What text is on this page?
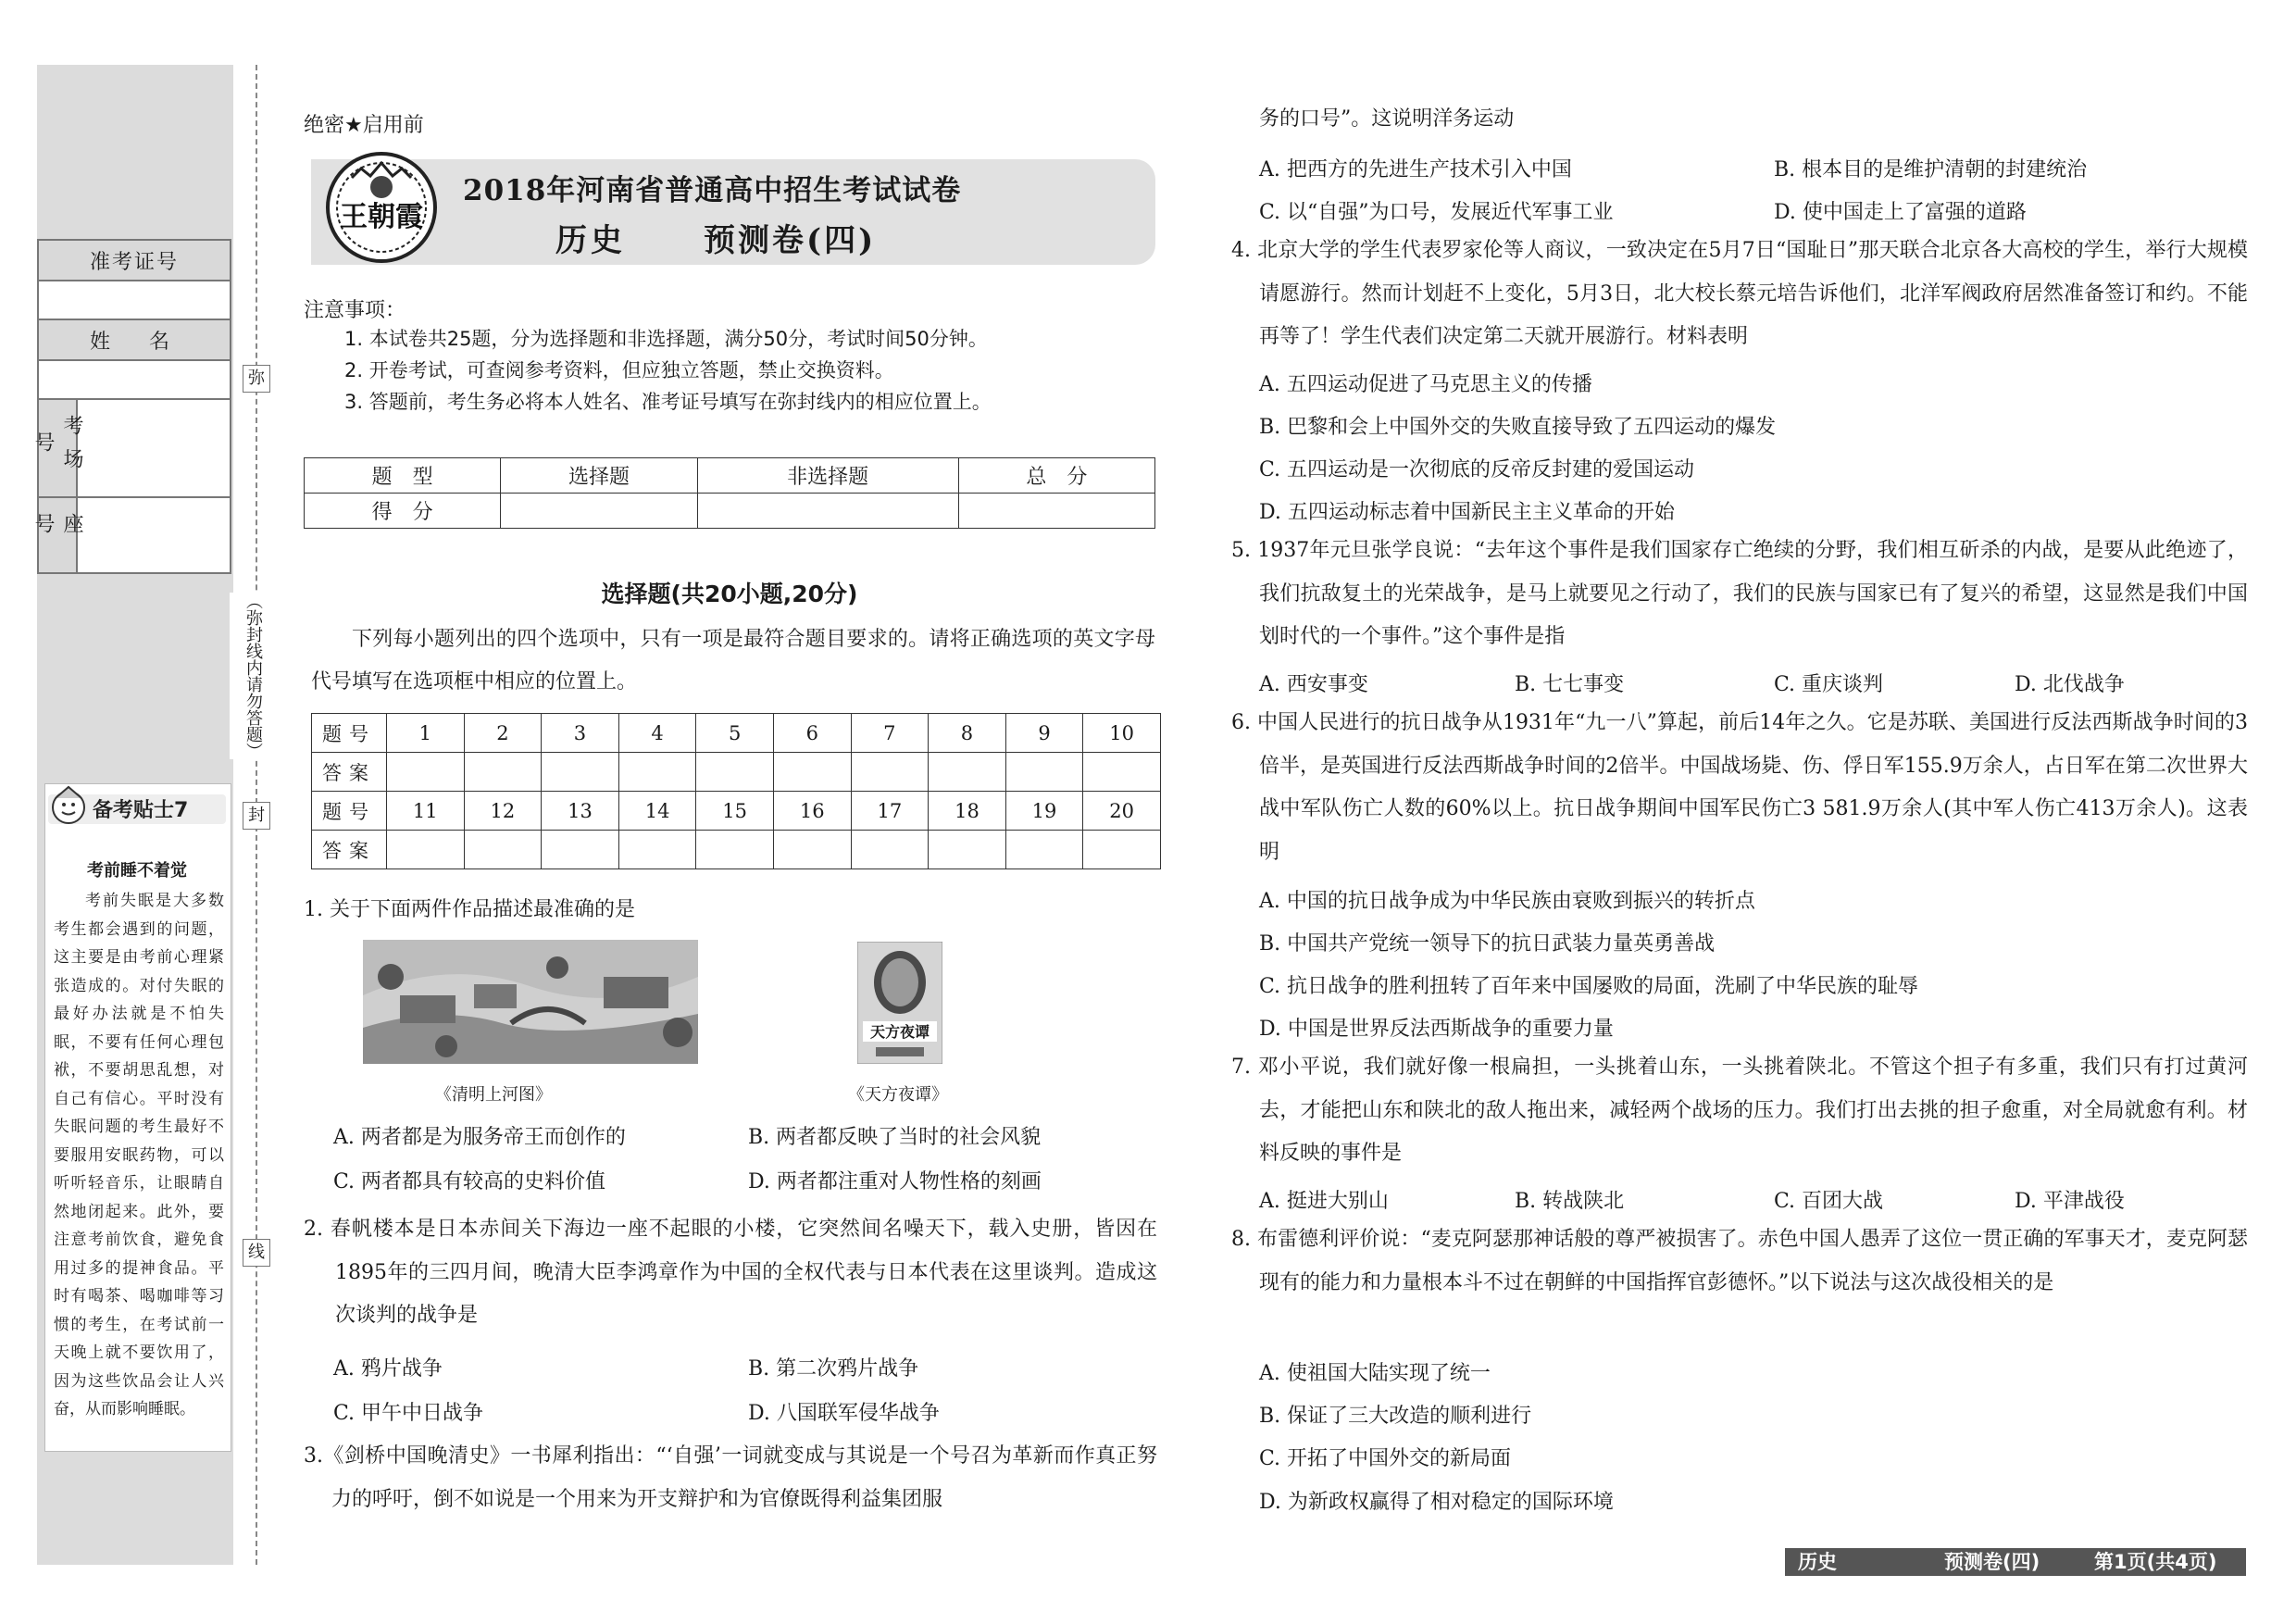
准考证号

姓　名

考场号

座号
弥
（弥封线内请勿答题）
封
线
备考贴士7
考前睡不着觉
考前失眠是大多数考生都会遇到的问题，这主要是由考前心理紧张造成的。对付失眠的最好办法就是不怕失眠，不要有任何心理包袱，不要胡思乱想，对自己有信心。平时没有失眠问题的考生最好不要服用安眠药物，可以听听轻音乐，让眼睛自然地闭起来。此外，要注意考前饮食，避免食用过多的提神食品。平时有喝茶、喝咖啡等习惯的考生，在考试前一天晚上就不要饮用了，因为这些饮品会让人兴奋，从而影响睡眠。
绝密★启用前
王朝霞
2018年河南省普通高中招生考试试卷
历史 预测卷(四)
注意事项：
1. 本试卷共25题，分为选择题和非选择题，满分50分，考试时间50分钟。
2. 开卷考试，可查阅参考资料，但应独立答题，禁止交换资料。
3. 答题前，考生务必将本人姓名、准考证号填写在弥封线内的相应位置上。
题　型	选择题	非选择题	总　分
得　分			
选择题(共20小题,20分)
下列每小题列出的四个选项中，只有一项是最符合题目要求的。请将正确选项的英文字母代号填写在选项框中相应的位置上。
题号	1	2	3	4	5	6	7	8	9	10
答案										
题号	11	12	13	14	15	16	17	18	19	20
答案										
1. 关于下面两件作品描述最准确的是
《清明上河图》
天方夜谭
《天方夜谭》
A. 两者都是为服务帝王而创作的	B. 两者都反映了当时的社会风貌
C. 两者都具有较高的史料价值	D. 两者都注重对人物性格的刻画
2. 春帆楼本是日本赤间关下海边一座不起眼的小楼，它突然间名噪天下，载入史册，皆因在1895年的三四月间，晚清大臣李鸿章作为中国的全权代表与日本代表在这里谈判。造成这次谈判的战争是
A. 鸦片战争	B. 第二次鸦片战争
C. 甲午中日战争	D. 八国联军侵华战争
3.《剑桥中国晚清史》一书犀利指出：“‘自强’一词就变成与其说是一个号召为革新而作真正努力的呼吁，倒不如说是一个用来为开支辩护和为官僚既得利益集团服
务的口号”。这说明洋务运动
A. 把西方的先进生产技术引入中国	B. 根本目的是维护清朝的封建统治
C. 以“自强”为口号，发展近代军事工业	D. 使中国走上了富强的道路
4. 北京大学的学生代表罗家伦等人商议，一致决定在5月7日“国耻日”那天联合北京各大高校的学生，举行大规模请愿游行。然而计划赶不上变化，5月3日，北大校长蔡元培告诉他们，北洋军阀政府居然准备签订和约。不能再等了！学生代表们决定第二天就开展游行。材料表明
A. 五四运动促进了马克思主义的传播
B. 巴黎和会上中国外交的失败直接导致了五四运动的爆发
C. 五四运动是一次彻底的反帝反封建的爱国运动
D. 五四运动标志着中国新民主主义革命的开始
5. 1937年元旦张学良说：“去年这个事件是我们国家存亡绝续的分野，我们相互斫杀的内战，是要从此绝迹了，我们抗敌复土的光荣战争，是马上就要见之行动了，我们的民族与国家已有了复兴的希望，这显然是我们中国划时代的一个事件。”这个事件是指
A. 西安事变	B. 七七事变	C. 重庆谈判	D. 北伐战争
6. 中国人民进行的抗日战争从1931年“九一八”算起，前后14年之久。它是苏联、美国进行反法西斯战争时间的3倍半，是英国进行反法西斯战争时间的2倍半。中国战场毙、伤、俘日军155.9万余人，占日军在第二次世界大战中军队伤亡人数的60%以上。抗日战争期间中国军民伤亡3 581.9万余人(其中军人伤亡413万余人)。这表明
A. 中国的抗日战争成为中华民族由衰败到振兴的转折点
B. 中国共产党统一领导下的抗日武装力量英勇善战
C. 抗日战争的胜利扭转了百年来中国屡败的局面，洗刷了中华民族的耻辱
D. 中国是世界反法西斯战争的重要力量
7. 邓小平说，我们就好像一根扁担，一头挑着山东，一头挑着陕北。不管这个担子有多重，我们只有打过黄河去，才能把山东和陕北的敌人拖出来，减轻两个战场的压力。我们打出去挑的担子愈重，对全局就愈有利。材料反映的事件是
A. 挺进大别山	B. 转战陕北	C. 百团大战	D. 平津战役
8. 布雷德利评价说：“麦克阿瑟那神话般的尊严被损害了。赤色中国人愚弄了这位一贯正确的军事天才，麦克阿瑟现有的能力和力量根本斗不过在朝鲜的中国指挥官彭德怀。”以下说法与这次战役相关的是
A. 使祖国大陆实现了统一
B. 保证了三大改造的顺利进行
C. 开拓了中国外交的新局面
D. 为新政权赢得了相对稳定的国际环境
历史	预测卷(四)	第1页(共4页)
